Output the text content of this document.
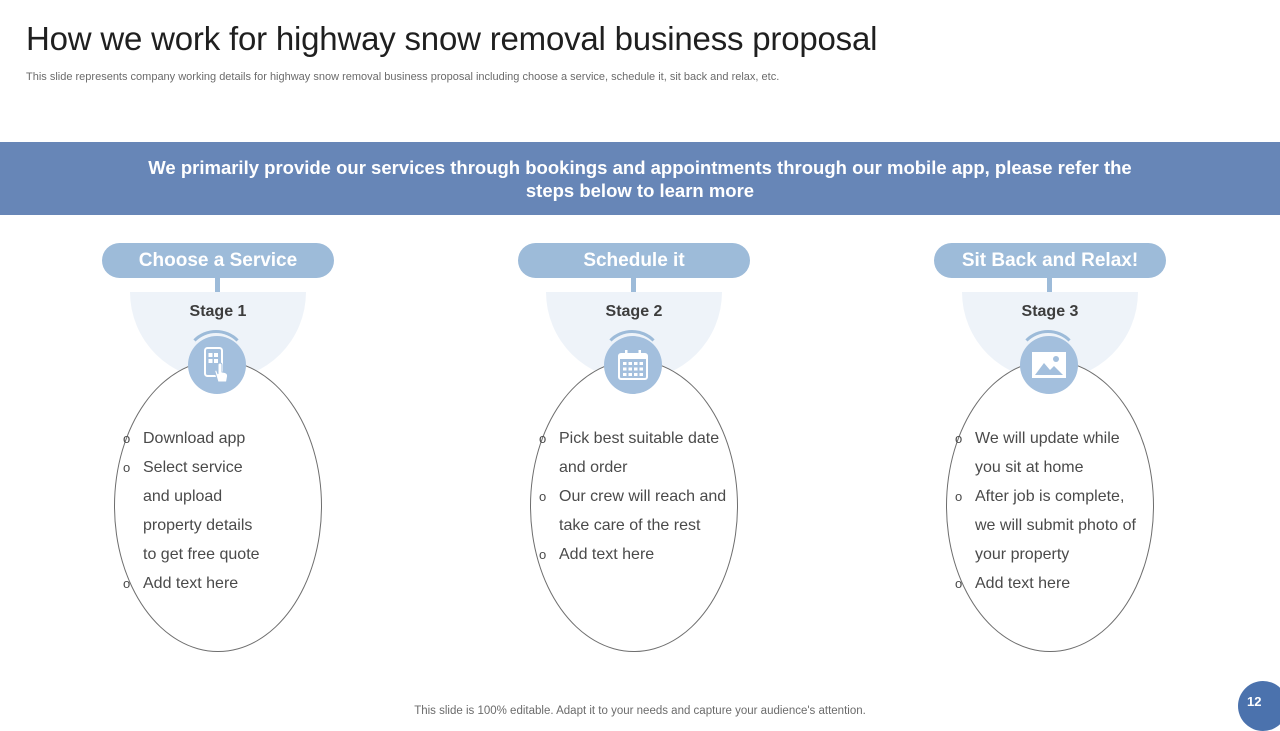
How we work for highway snow removal business proposal
This slide represents company working details for highway snow removal business proposal including choose a service, schedule it, sit back and relax, etc.
We primarily provide our services through bookings and appointments through our mobile app, please refer the steps below to learn more
Choose a Service
Stage 1
o Download app
o Select service and upload property details to get free quote
o Add text here
Schedule it
Stage 2
o Pick best suitable date and order
o Our crew will reach and take care of the rest
o Add text here
Sit Back and Relax!
Stage 3
o We will update while you sit at home
o After job is complete, we will submit photo of your property
o Add text here
This slide is 100% editable. Adapt it to your needs and capture your audience's attention.
12
